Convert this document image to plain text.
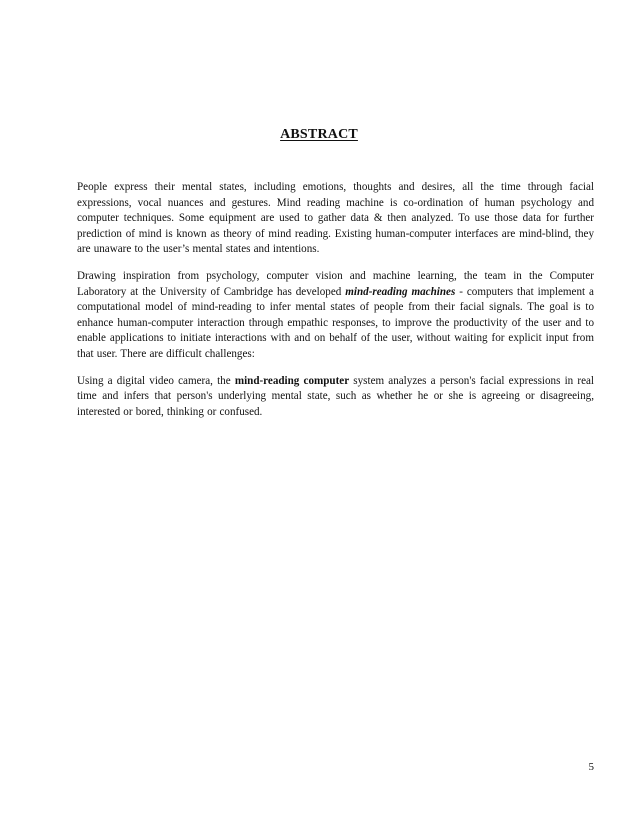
ABSTRACT

People express their mental states, including emotions, thoughts and desires, all the time through facial expressions, vocal nuances and gestures. Mind reading machine is co-ordination of human psychology and computer techniques. Some equipment are used to gather data & then analyzed. To use those data for further prediction of mind is known as theory of mind reading. Existing human-computer interfaces are mind-blind, they are unaware to the user’s mental states and intentions.

Drawing inspiration from psychology, computer vision and machine learning, the team in the Computer Laboratory at the University of Cambridge has developed mind-reading machines - computers that implement a computational model of mind-reading to infer mental states of people from their facial signals. The goal is to enhance human-computer interaction through empathic responses, to improve the productivity of the user and to enable applications to initiate interactions with and on behalf of the user, without waiting for explicit input from that user. There are difficult challenges:

Using a digital video camera, the mind-reading computer system analyzes a person's facial expressions in real time and infers that person's underlying mental state, such as whether he or she is agreeing or disagreeing, interested or bored, thinking or confused.

5
